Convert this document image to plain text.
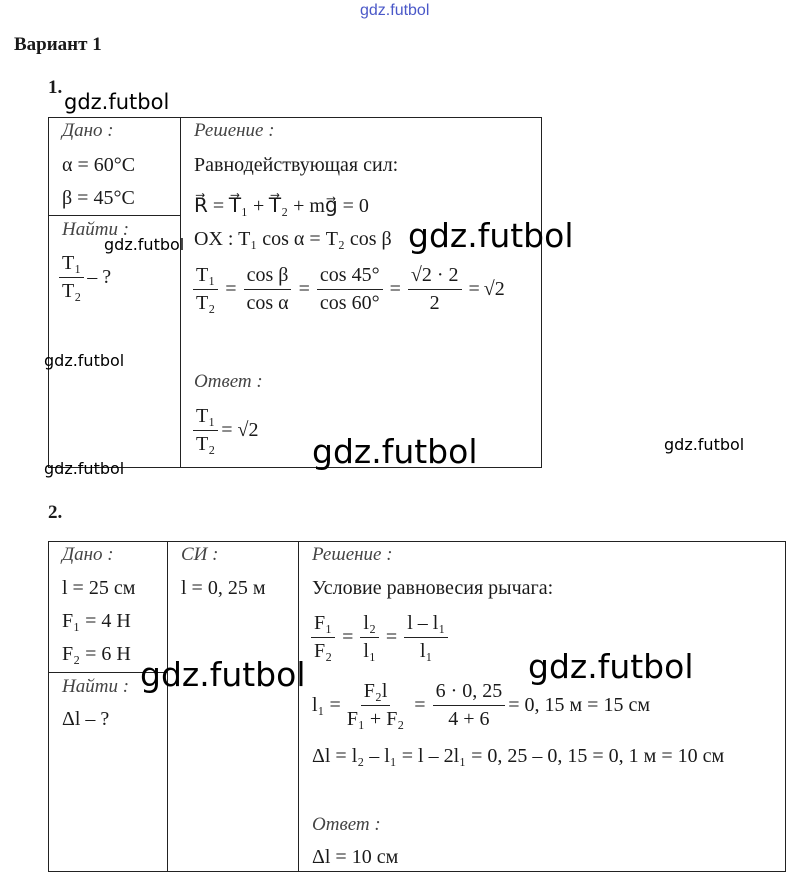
gdz.futbol
Вариант 1
1.
Дано :
α = 60°C
β = 45°C
Найти :
$\frac{\text{T₁}}{\text{T₂}}$ – ?
Решение :
Равнодействующая сил:
R⃗ = T⃗₁ + T⃗₂ + mg⃗ = 0
OX : T₁ cos α = T₂ cos β
$\frac{\text{T₁}}{\text{T₂}} = \frac{\text{cos β}}{\text{cos α}} = \frac{\cos 45^\circ}{\cos 60^\circ} = \frac{√2 \cdot 2}{2} = √2$
Ответ :
$\frac{\text{T₁}}{\text{T₂}} = √2$
2.
Дано :
l = 25 см
F₁ = 4 Н
F₂ = 6 Н
Найти :
Δl – ?
СИ :
l = 0, 25 м
Решение :
Условие равновесия рычага:
$\frac{\text{F₁}}{\text{F₂}} = \frac{\text{l₂}}{\text{l₁}} = \frac{\text{l – l₁}}{\text{l₁}}$
$l_1 = \frac{\text{F₂l}}{\text{F₁ + F₂}} = \frac{6 \cdot 0, 25}{4 + 6} = 0$, 15 м = 15 см
Δl = l₂ – l₁ = l – 2l₁ = 0, 25 – 0, 15 = 0, 1 м = 10 см
Ответ :
Δl = 10 см
gdz.futbol
gdz.futbol	gdz.futbol
gdz.futbol
gdz.futbol	gdz.futbol
gdz.futbol
gdz.futbol	gdz.futbol
